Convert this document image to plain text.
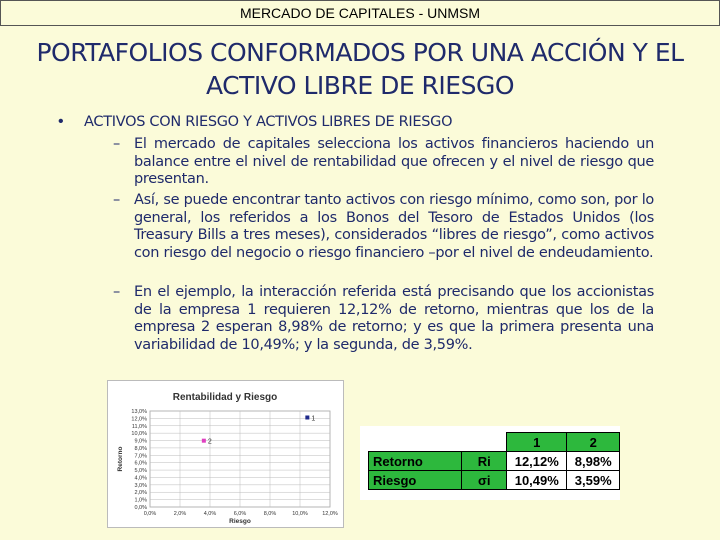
MERCADO DE CAPITALES - UNMSM
PORTAFOLIOS CONFORMADOS POR UNA ACCIÓN Y EL
ACTIVO LIBRE DE RIESGO
• ACTIVOS CON RIESGO Y ACTIVOS LIBRES DE RIESGO
– El mercado de capitales selecciona los activos financieros haciendo un balance entre el nivel de rentabilidad que ofrecen y el nivel de riesgo que presentan.
– Así, se puede encontrar tanto activos con riesgo mínimo, como son, por lo general, los referidos a los Bonos del Tesoro de Estados Unidos (los Treasury Bills a tres meses), considerados “libres de riesgo”, como activos con riesgo del negocio o riesgo financiero –por el nivel de endeudamiento.
– En el ejemplo, la interacción referida está precisando que los accionistas de la empresa 1 requieren 12,12% de retorno, mientras que los de la empresa 2 esperan 8,98% de retorno; y es que la primera presenta una variabilidad de 10,49%; y la segunda, de 3,59%.
Rentabilidad y Riesgo
0,0%
1,0%
2,0%
3,0%
4,0%
5,0%
6,0%
7,0%
8,0%
9,0%
10,0%
11,0%
12,0%
13,0%
0,0%	2,0%	4,0%	6,0%	8,0%	10,0%	12,0%
Riesgo
Retorno
1
2
			1	2
Retorno	Ri	12,12%	8,98%
Riesgo	σi	10,49%	3,59%
